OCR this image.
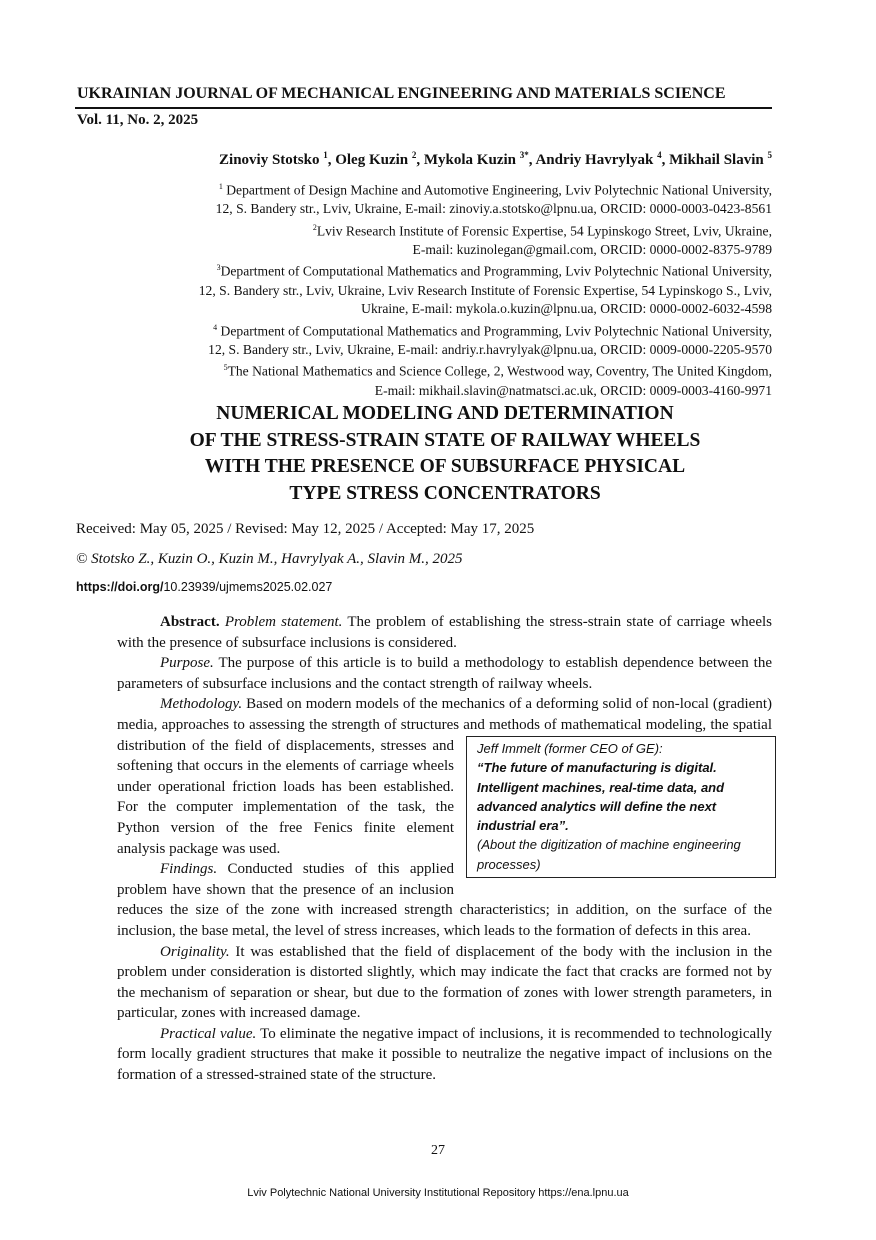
UKRAINIAN JOURNAL OF MECHANICAL ENGINEERING AND MATERIALS SCIENCE
Vol. 11, No. 2, 2025
Zinoviy Stotsko $^1$, Oleg Kuzin $^2$, Mykola Kuzin $^{3*}$, Andriy Havrylyak $^4$, Mikhail Slavin $^5$
$^1$ Department of Design Machine and Automotive Engineering, Lviv Polytechnic National University,
12, S. Bandery str., Lviv, Ukraine, E-mail: zinoviy.a.stotsko@lpnu.ua, ORCID: 0000-0003-0423-8561
$^2$Lviv Research Institute of Forensic Expertise, 54 Lypinskogo Street, Lviv, Ukraine,
E-mail: kuzinolegan@gmail.com, ORCID: 0000-0002-8375-9789
$^3$Department of Computational Mathematics and Programming, Lviv Polytechnic National University,
12, S. Bandery str., Lviv, Ukraine, Lviv Research Institute of Forensic Expertise, 54 Lypinskogo S., Lviv,
Ukraine, E-mail: mykola.o.kuzin@lpnu.ua, ORCID: 0000-0002-6032-4598
$^4$ Department of Computational Mathematics and Programming, Lviv Polytechnic National University,
12, S. Bandery str., Lviv, Ukraine, E-mail: andriy.r.havrylyak@lpnu.ua, ORCID: 0009-0000-2205-9570
$^5$The National Mathematics and Science College, 2, Westwood way, Coventry, The United Kingdom,
E-mail: mikhail.slavin@natmatsci.ac.uk, ORCID: 0009-0003-4160-9971
NUMERICAL MODELING AND DETERMINATION
OF THE STRESS-STRAIN STATE OF RAILWAY WHEELS
WITH THE PRESENCE OF SUBSURFACE PHYSICAL
TYPE STRESS CONCENTRATORS
Received: May 05, 2025 / Revised: May 12, 2025 / Accepted: May 17, 2025
© Stotsko Z., Kuzin O., Kuzin M., Havrylyak A., Slavin M., 2025
https://doi.org/10.23939/ujmems2025.02.027
Jeff Immelt (former CEO of GE):
“The future of manufacturing is digital.
Intelligent machines, real-time data, and
advanced analytics will define the next
industrial era”.
(About the digitization of machine engineering processes)

Abstract. Problem statement. The problem of establishing the stress-strain state of carriage wheels with the presence of subsurface inclusions is considered.

Purpose. The purpose of this article is to build a methodology to establish dependence between the parameters of subsurface inclusions and the contact strength of railway wheels.

Methodology. Based on modern models of the mechanics of a deforming solid of non-local (gradient) media, approaches to assessing the strength of structures and methods of mathematical modeling, the spatial distribution of the field of displacements, stresses and softening that occurs in the elements of carriage wheels under operational friction loads has been established. For the computer implementation of the task, the Python version of the free Fenics finite element analysis package was used.

Findings. Conducted studies of this applied problem have shown that the presence of an inclusion reduces the size of the zone with increased strength characteristics; in addition, on the surface of the inclusion, the base metal, the level of stress increases, which leads to the formation of defects in this area.

Originality. It was established that the field of displacement of the body with the inclusion in the problem under consideration is distorted slightly, which may indicate the fact that cracks are formed not by the mechanism of separation or shear, but due to the formation of zones with lower strength parameters, in particular, zones with increased damage.

Practical value. To eliminate the negative impact of inclusions, it is recommended to technologically form locally gradient structures that make it possible to neutralize the negative impact of inclusions on the formation of a stressed-strained state of the structure.

27
Lviv Polytechnic National University Institutional Repository https://ena.lpnu.ua
